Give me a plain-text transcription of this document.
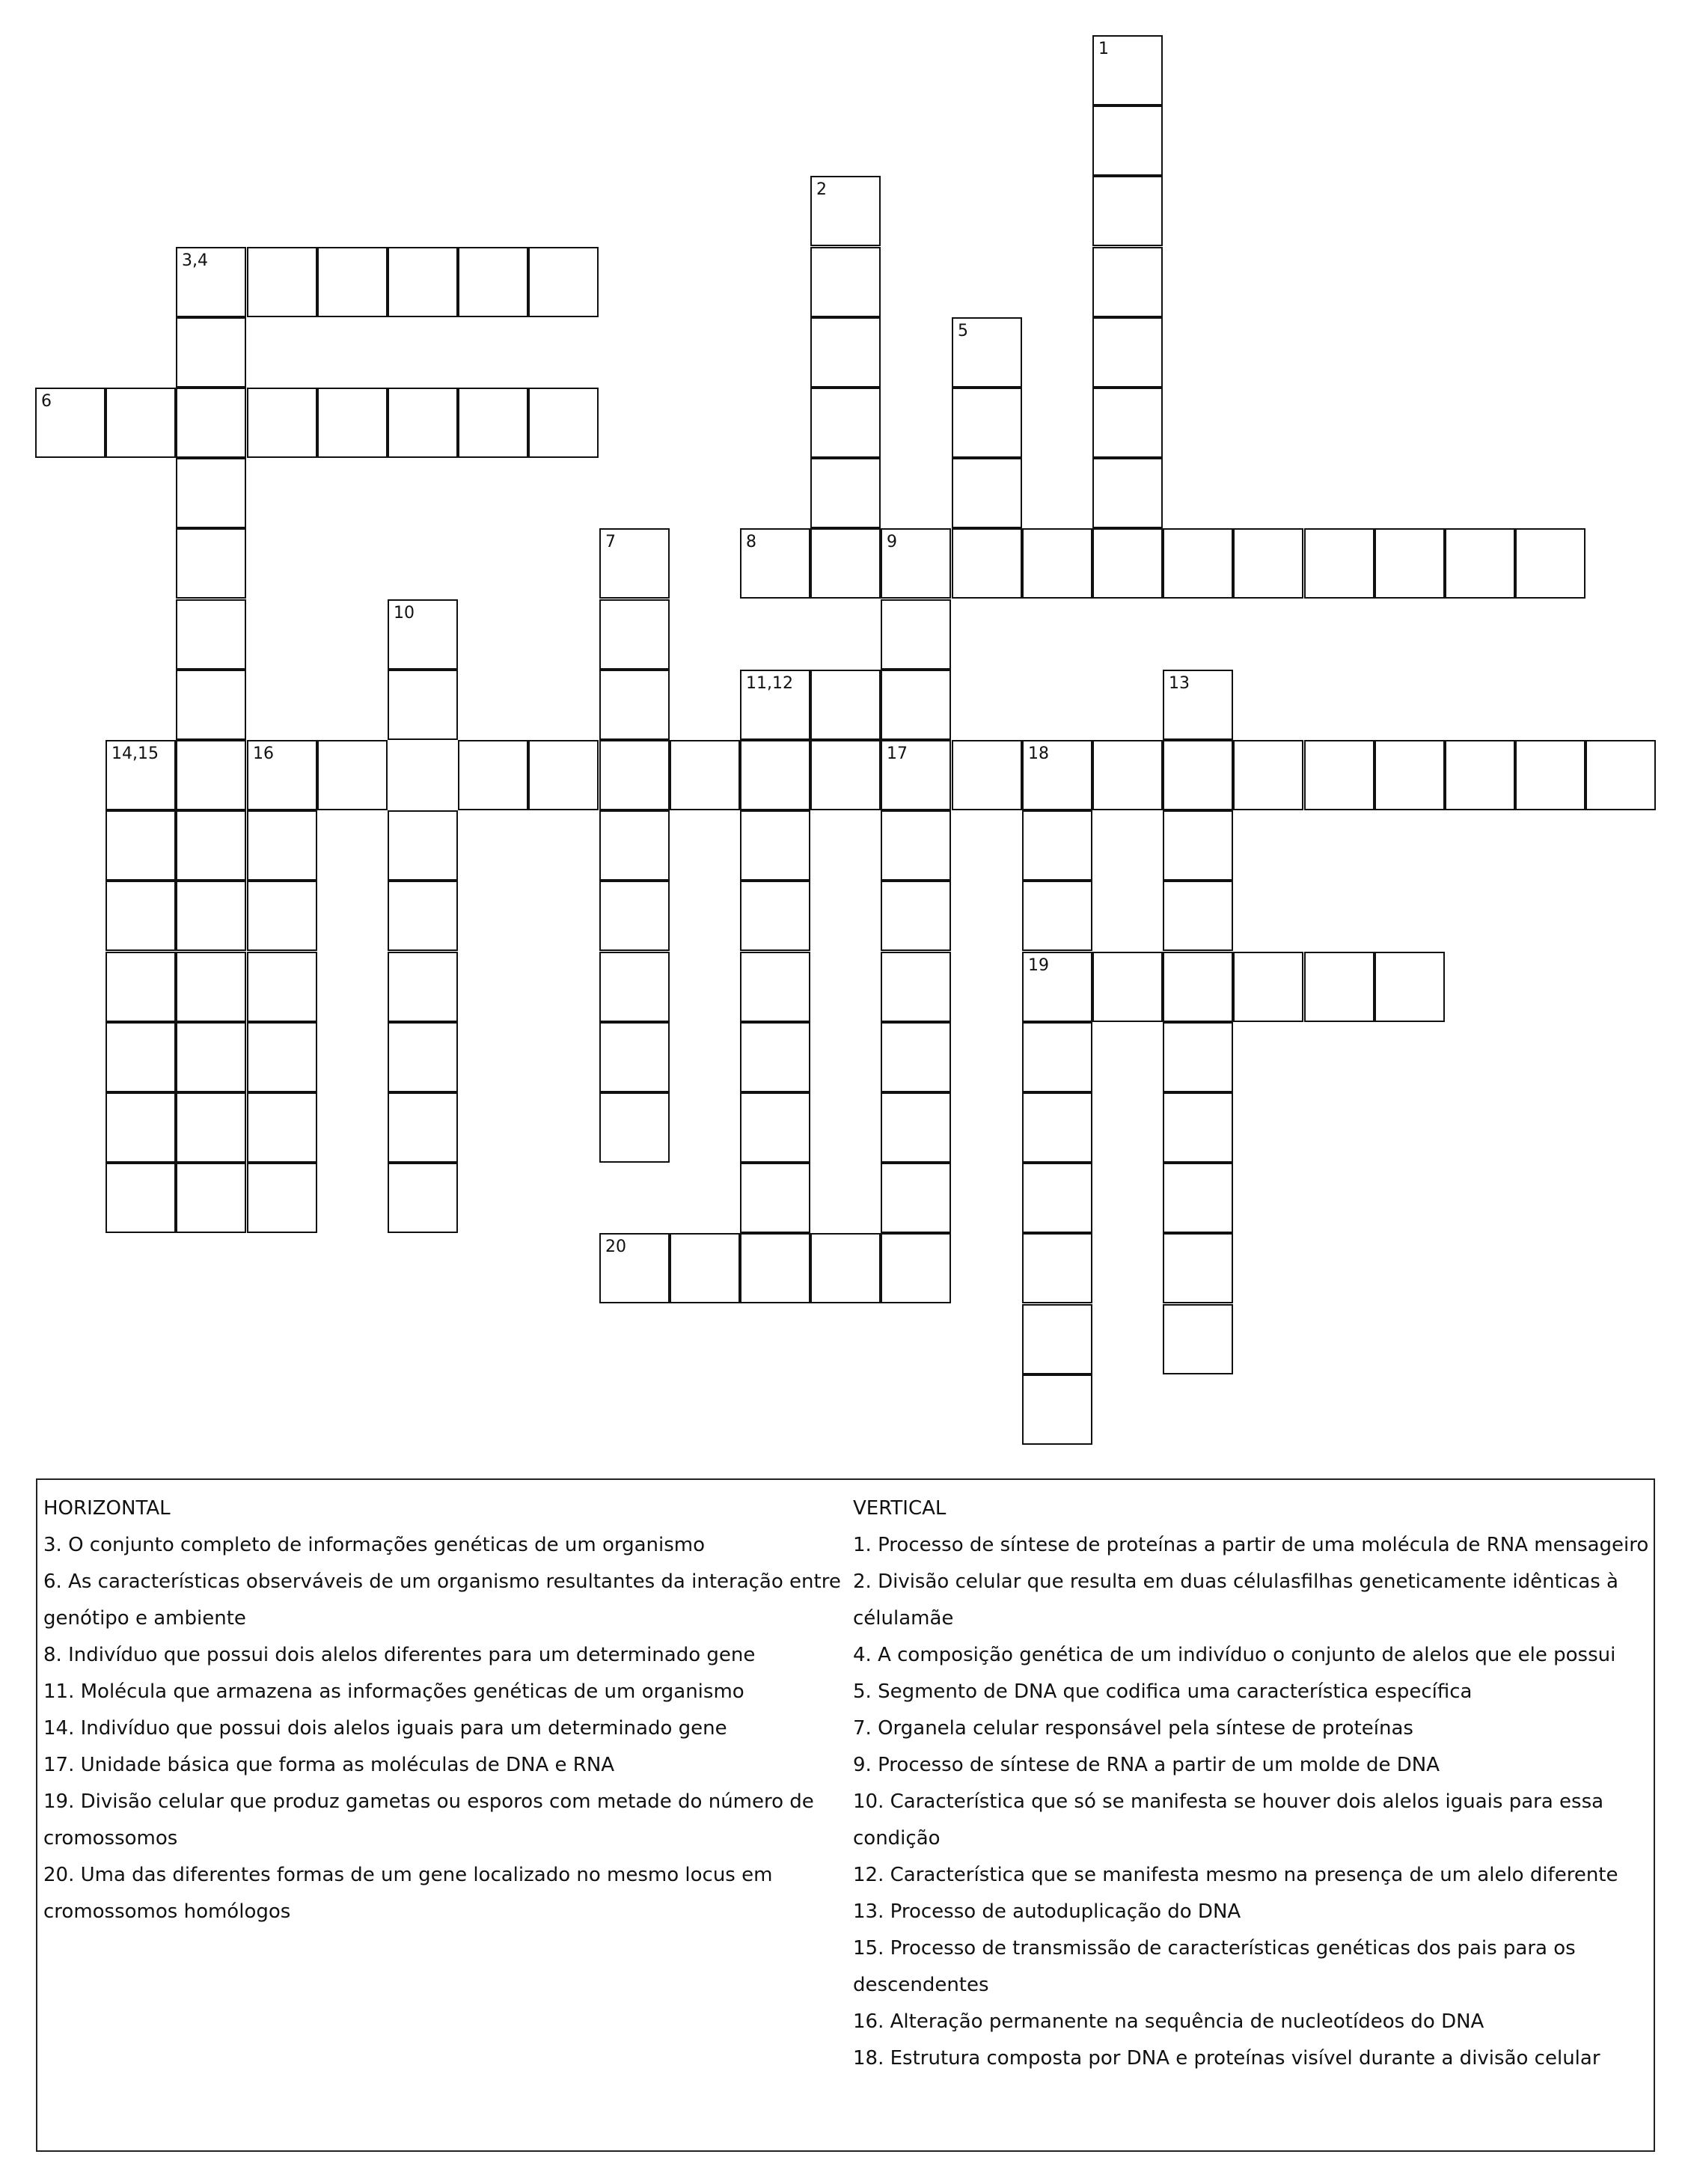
1
2
3,4
5
6
7	8	9
10
11,12	13
14,15	16	18
17
19
20

HORIZONTAL

3. O conjunto completo de informações genéticas de um organismo

6. As características observáveis de um organismo resultantes da interação entre genótipo e ambiente

8. Indivíduo que possui dois alelos diferentes para um determinado gene

11. Molécula que armazena as informações genéticas de um organismo

14. Indivíduo que possui dois alelos iguais para um determinado gene

17. Unidade básica que forma as moléculas de DNA e RNA

19. Divisão celular que produz gametas ou esporos com metade do número de cromossomos

20. Uma das diferentes formas de um gene localizado no mesmo locus em cromossomos homólogos

VERTICAL

1. Processo de síntese de proteínas a partir de uma molécula de RNA mensageiro

2. Divisão celular que resulta em duas célulasfilhas geneticamente idênticas à célulamãe

4. A composição genética de um indivíduo o conjunto de alelos que ele possui

5. Segmento de DNA que codifica uma característica específica

7. Organela celular responsável pela síntese de proteínas

9. Processo de síntese de RNA a partir de um molde de DNA

10. Característica que só se manifesta se houver dois alelos iguais para essa condição

12. Característica que se manifesta mesmo na presença de um alelo diferente

13. Processo de autoduplicação do DNA

15. Processo de transmissão de características genéticas dos pais para os descendentes

16. Alteração permanente na sequência de nucleotídeos do DNA

18. Estrutura composta por DNA e proteínas visível durante a divisão celular
